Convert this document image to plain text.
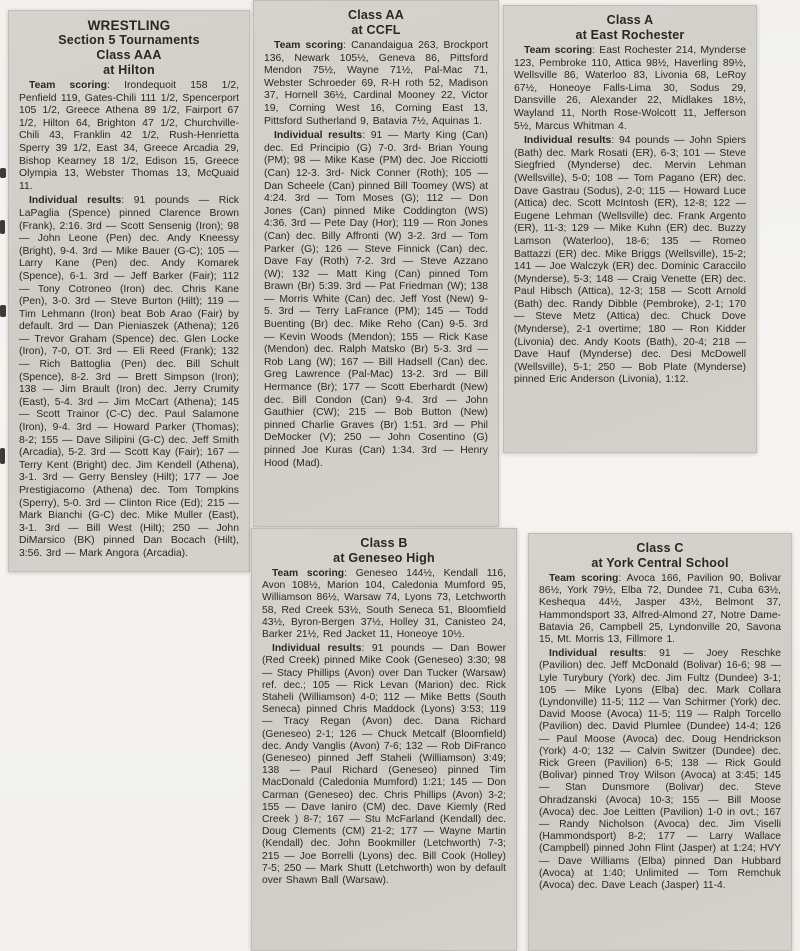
WRESTLING
Section 5 Tournaments
Class AAA
at Hilton

Team scoring: Irondequoit 158 1/2, Penfield 119, Gates-Chili 111 1/2, Spencerport 105 1/2, Greece Athena 89 1/2, Fairport 67 1/2, Hilton 64, Brighton 47 1/2, Churchville-Chili 43, Franklin 42 1/2, Rush-Henrietta Sperry 39 1/2, East 34, Greece Arcadia 29, Bishop Kearney 18 1/2, Edison 15, Greece Olympia 13, Webster Thomas 13, McQuaid 11.

Individual results: 91 pounds — Rick LaPaglia (Spence) pinned Clarence Brown (Frank), 2:16. 3rd — Scott Sensenig (Iron); 98 — John Leone (Pen) dec. Andy Kneessy (Bright), 9-4. 3rd — Mike Bauer (G-C); 105 — Larry Kane (Pen) dec. Andy Komarek (Spence), 6-1. 3rd — Jeff Barker (Fair); 112 — Tony Cotroneo (Iron) dec. Chris Kane (Pen), 3-0. 3rd — Steve Burton (Hilt); 119 — Tim Lehmann (Iron) beat Bob Arao (Fair) by default. 3rd — Dan Pieniaszek (Athena); 126 — Trevor Graham (Spence) dec. Glen Locke (Iron), 7-0, OT. 3rd — Eli Reed (Frank); 132 — Rich Battoglia (Pen) dec. Bill Schult (Spence), 8-2. 3rd — Brett Simpson (Iron); 138 — Jim Brault (Iron) dec. Jerry Crumity (East), 5-4. 3rd — Jim McCart (Athena); 145 — Scott Trainor (C-C) dec. Paul Salamone (Iron), 9-4. 3rd — Howard Parker (Thomas); 8-2; 155 — Dave Silipini (G-C) dec. Jeff Smith (Arcadia), 5-2. 3rd — Scott Kay (Fair); 167 — Terry Kent (Bright) dec. Jim Kendell (Athena), 3-1. 3rd — Gerry Bensley (Hilt); 177 — Joe Prestigiacomo (Athena) dec. Tom Tompkins (Sperry), 5-0. 3rd — Clinton Rice (Ed); 215 — Mark Bianchi (G-C) dec. Mike Muller (East), 3-1. 3rd — Bill West (Hilt); 250 — John DiMarsico (BK) pinned Dan Bocach (Hilt), 3:56. 3rd — Mark Angora (Arcadia).

Class AA
at CCFL

Team scoring: Canandaigua 263, Brockport 136, Newark 105½, Geneva 86, Pittsford Mendon 75½, Wayne 71½, Pal-Mac 71, Webster Schroeder 69, R-H roth 52, Madison 37, Hornell 36½, Cardinal Mooney 22, Victor 19, Corning West 16, Corning East 13, Pittsford Sutherland 9, Batavia 7½, Aquinas 1.

Individual results: 91 — Marty King (Can) dec. Ed Principio (G) 7-0. 3rd- Brian Young (PM); 98 — Mike Kase (PM) dec. Joe Ricciotti (Can) 12-3. 3rd- Nick Conner (Roth); 105 — Dan Scheele (Can) pinned Bill Toomey (WS) at 4:24. 3rd — Tom Moses (G); 112 — Don Jones (Can) pinned Mike Coddington (WS) 4:36. 3rd — Pete Day (Hor); 119 — Ron Jones (Can) dec. Billy Affronti (W) 3-2. 3rd — Tom Parker (G); 126 — Steve Finnick (Can) dec. Dave Fay (Roth) 7-2. 3rd — Steve Azzano (W); 132 — Matt King (Can) pinned Tom Brawn (Br) 5:39. 3rd — Pat Friedman (W); 138 — Morris White (Can) dec. Jeff Yost (New) 9-5. 3rd — Terry LaFrance (PM); 145 — Todd Buenting (Br) dec. Mike Reho (Can) 9-5. 3rd — Kevin Woods (Mendon); 155 — Rick Kase (Mendon) dec. Ralph Matsko (Br) 5-3. 3rd — Rob Lang (W); 167 — Bill Hadsell (Can) dec. Greg Lawrence (Pal-Mac) 13-2. 3rd — Bill Hermance (Br); 177 — Scott Eberhardt (New) dec. Bill Condon (Can) 9-4. 3rd — John Gauthier (CW); 215 — Bob Button (New) pinned Charlie Graves (Br) 1:51. 3rd — Phil DeMocker (V); 250 — John Cosentino (G) pinned Joe Kuras (Can) 1:34. 3rd — Henry Hood (Mad).

Class A
at East Rochester

Team scoring: East Rochester 214, Mynderse 123, Pembroke 110, Attica 98½, Haverling 89½, Wellsville 86, Waterloo 83, Livonia 68, LeRoy 67½, Honeoye Falls-Lima 30, Sodus 29, Dansville 26, Alexander 22, Midlakes 18½, Wayland 11, North Rose-Wolcott 11, Jefferson 5½, Marcus Whitman 4.

Individual results: 94 pounds — John Spiers (Bath) dec. Mark Rosati (ER), 6-3; 101 — Steve Siegfried (Mynderse) dec. Mervin Lehman (Wellsville), 5-0; 108 — Tom Pagano (ER) dec. Dave Gastrau (Sodus), 2-0; 115 — Howard Luce (Attica) dec. Scott McIntosh (ER), 12-8; 122 — Eugene Lehman (Wellsville) dec. Frank Argento (ER), 11-3; 129 — Mike Kuhn (ER) dec. Buzzy Lamson (Waterloo), 18-6; 135 — Romeo Battazzi (ER) dec. Mike Briggs (Wellsville), 15-2; 141 — Joe Walczyk (ER) dec. Dominic Caraccilo (Mynderse), 5-3; 148 — Craig Venette (ER) dec. Paul Hibsch (Attica), 12-3; 158 — Scott Arnold (Bath) dec. Randy Dibble (Pembroke), 2-1; 170 — Steve Metz (Attica) dec. Chuck Dove (Mynderse), 2-1 overtime; 180 — Ron Kidder (Livonia) dec. Andy Koots (Bath), 20-4; 218 — Dave Hauf (Mynderse) dec. Desi McDowell (Wellsville), 5-1; 250 — Bob Plate (Mynderse) pinned Eric Anderson (Livonia), 1:12.

Class B
at Geneseo High

Team scoring: Geneseo 144½, Kendall 116, Avon 108½, Marion 104, Caledonia Mumford 95, Williamson 86½, Warsaw 74, Lyons 73, Letchworth 58, Red Creek 53½, South Seneca 51, Bloomfield 43½, Byron-Bergen 37½, Holley 31, Canisteo 24, Barker 21½, Red Jacket 11, Honeoye 10½.

Individual results: 91 pounds — Dan Bower (Red Creek) pinned Mike Cook (Geneseo) 3:30; 98 — Stacy Phillips (Avon) over Dan Tucker (Warsaw) ref. dec.; 105 — Rick Levan (Marion) dec. Rick Staheli (Williamson) 4-0; 112 — Mike Betts (South Seneca) pinned Chris Maddock (Lyons) 3:53; 119 — Tracy Regan (Avon) dec. Dana Richard (Geneseo) 2-1; 126 — Chuck Metcalf (Bloomfield) dec. Andy Vanglis (Avon) 7-6; 132 — Rob DiFranco (Geneseo) pinned Jeff Staheli (Williamson) 3:49; 138 — Paul Richard (Geneseo) pinned Tim MacDonald (Caledonia Mumford) 1:21; 145 — Don Carman (Geneseo) dec. Chris Phillips (Avon) 3-2; 155 — Dave Ianiro (CM) dec. Dave Kiemly (Red Creek ) 8-7; 167 — Stu McFarland (Kendall) dec. Doug Clements (CM) 21-2; 177 — Wayne Martin (Kendall) dec. John Bookmiller (Letchworth) 7-3; 215 — Joe Borrelli (Lyons) dec. Bill Cook (Holley) 7-5; 250 — Mark Shutt (Letchworth) won by default over Shawn Ball (Warsaw).

Class C
at York Central School

Team scoring: Avoca 166, Pavilion 90, Bolivar 86½, York 79½, Elba 72, Dundee 71, Cuba 63½, Keshequa 44½, Jasper 43½, Belmont 37, Hammondsport 33, Alfred-Almond 27, Notre Dame-Batavia 26, Campbell 25, Lyndonville 20, Savona 15, Mt. Morris 13, Fillmore 1.

Individual results: 91 — Joey Reschke (Pavilion) dec. Jeff McDonald (Bolivar) 16-6; 98 — Lyle Turybury (York) dec. Jim Fultz (Dundee) 3-1; 105 — Mike Lyons (Elba) dec. Mark Collara (Lyndonville) 11-5; 112 — Van Schirmer (York) dec. David Moose (Avoca) 11-5; 119 — Ralph Torcello (Pavilion) dec. David Plumlee (Dundee) 14-4; 126 — Paul Moose (Avoca) dec. Doug Hendrickson (York) 4-0; 132 — Calvin Switzer (Dundee) dec. Rick Green (Pavilion) 6-5; 138 — Rick Gould (Bolivar) pinned Troy Wilson (Avoca) at 3:45; 145 — Stan Dunsmore (Bolivar) dec. Steve Ohradzanski (Avoca) 10-3; 155 — Bill Moose (Avoca) dec. Joe Leitten (Pavilion) 1-0 in ovt.; 167 — Randy Nicholson (Avoca) dec. Jim Viselli (Hammondsport) 8-2; 177 — Larry Wallace (Campbell) pinned John Flint (Jasper) at 1:24; HVY — Dave Williams (Elba) pinned Dan Hubbard (Avoca) at 1:40; Unlimited — Tom Remchuk (Avoca) dec. Dave Leach (Jasper) 11-4.
